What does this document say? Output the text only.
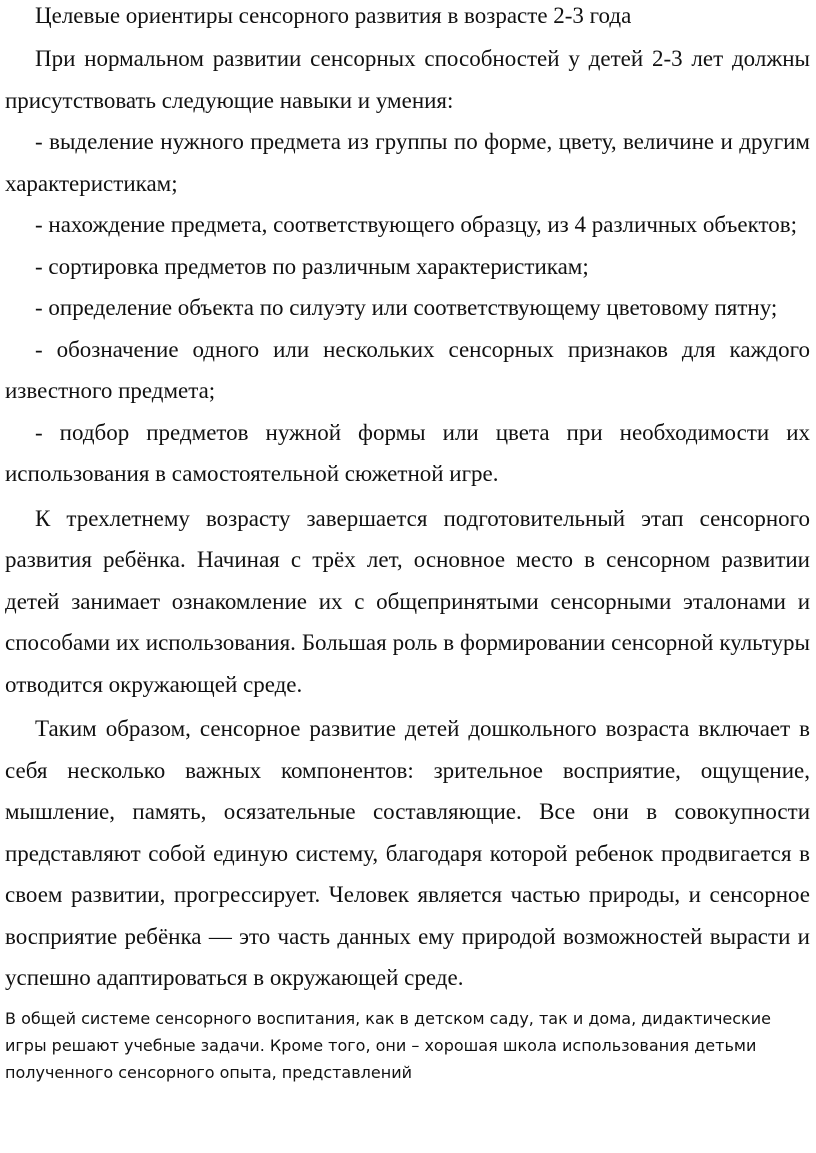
Целевые ориентиры сенсорного развития в возрасте 2-3 года

При нормальном развитии сенсорных способностей у детей 2-3 лет должны присутствовать следующие навыки и умения:

- выделение нужного предмета из группы по форме, цвету, величине и другим характеристикам;

- нахождение предмета, соответствующего образцу, из 4 различных объектов;

- сортировка предметов по различным характеристикам;

- определение объекта по силуэту или соответствующему цветовому пятну;

- обозначение одного или нескольких сенсорных признаков для каждого известного предмета;

- подбор предметов нужной формы или цвета при необходимости их использования в самостоятельной сюжетной игре.

К трехлетнему возрасту завершается подготовительный этап сенсорного развития ребёнка. Начиная с трёх лет, основное место в сенсорном развитии детей занимает ознакомление их с общепринятыми сенсорными эталонами и способами их использования. Большая роль в формировании сенсорной культуры отводится окружающей среде.

Таким образом, сенсорное развитие детей дошкольного возраста включает в себя несколько важных компонентов: зрительное восприятие, ощущение, мышление, память, осязательные составляющие. Все они в совокупности представляют собой единую систему, благодаря которой ребенок продвигается в своем развитии, прогрессирует. Человек является частью природы, и сенсорное восприятие ребёнка — это часть данных ему природой возможностей вырасти и успешно адаптироваться в окружающей среде.

В общей системе сенсорного воспитания, как в детском саду, так и дома, дидактические игры решают учебные задачи. Кроме того, они – хорошая школа использования детьми полученного сенсорного опыта, представлений
